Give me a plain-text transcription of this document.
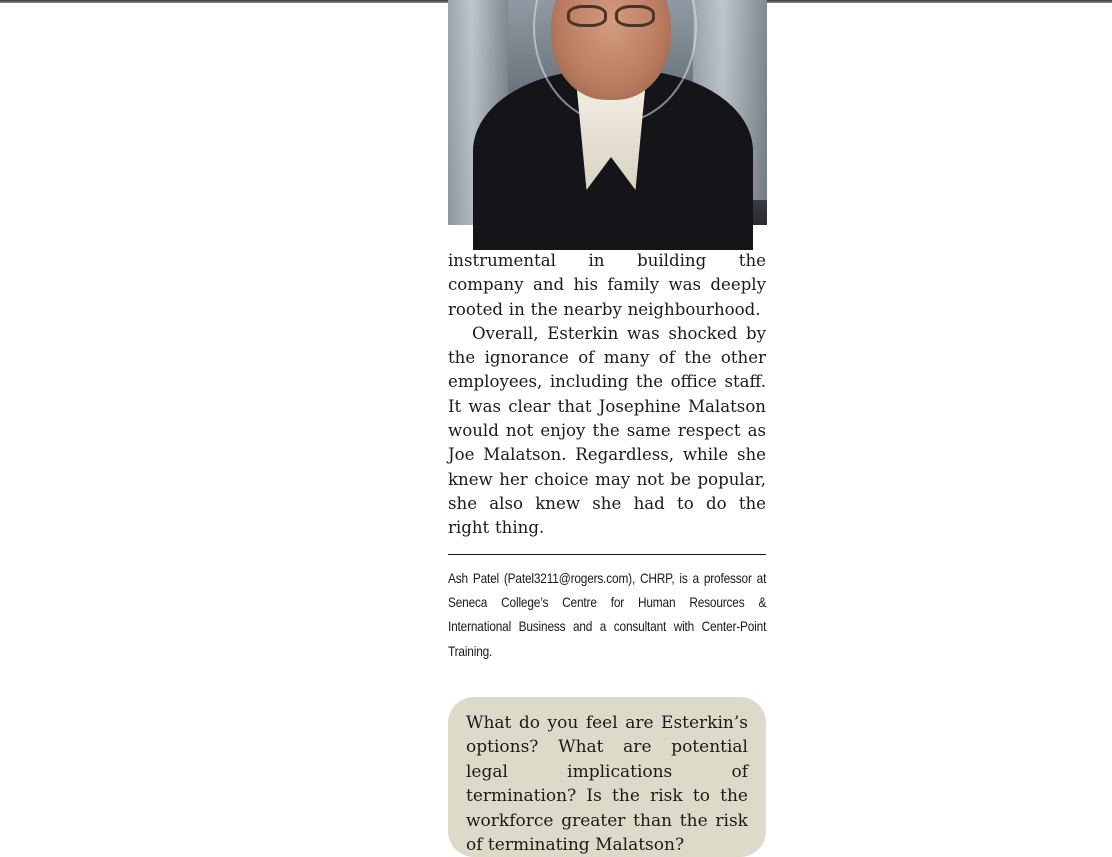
instrumental in building the company and his family was deeply rooted in the nearby neighbourhood.

Overall, Esterkin was shocked by the ignorance of many of the other employees, including the office staff. It was clear that Josephine Malatson would not enjoy the same respect as Joe Malatson. Regardless, while she knew her choice may not be popular, she also knew she had to do the right thing.

Ash Patel (Patel3211@rogers.com), CHRP, is a professor at Seneca College’s Centre for Human Resources & International Business and a consultant with Center-Point Training.

What do you feel are Esterkin’s options? What are potential legal implications of termination? Is the risk to the workforce greater than the risk of terminating Malatson?
